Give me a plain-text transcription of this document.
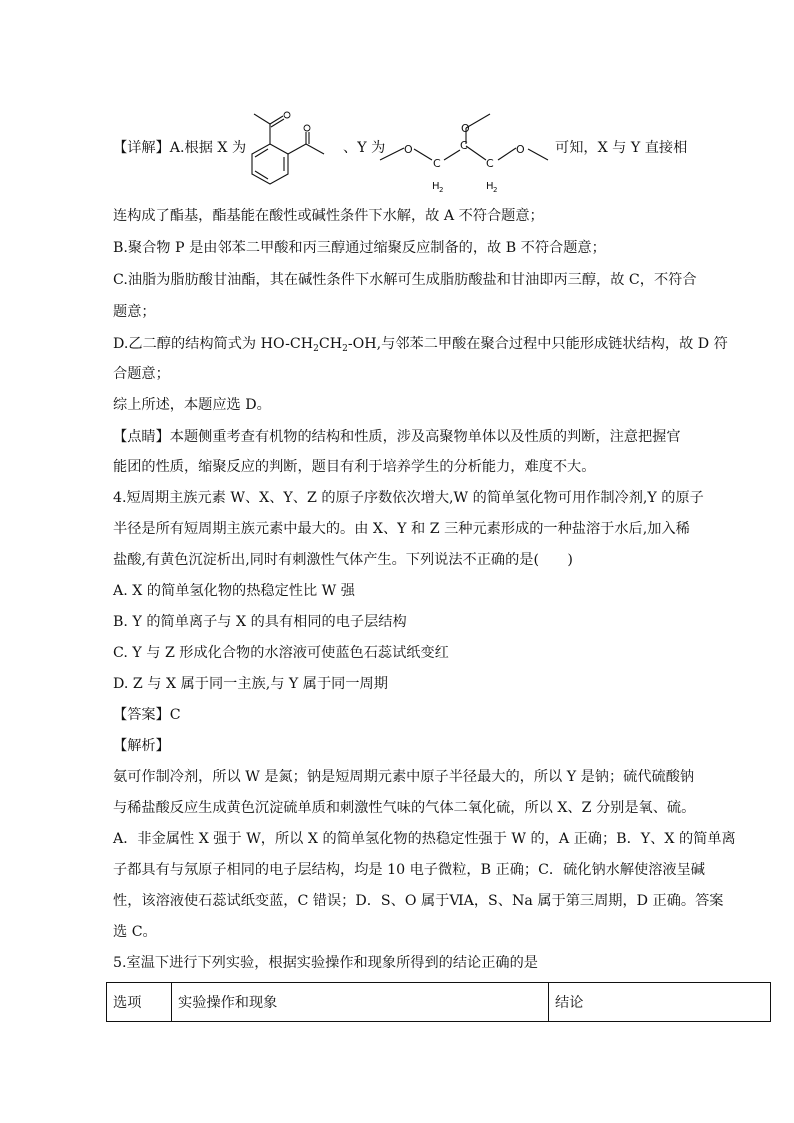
【详解】A.根据 X 为	、Y 为 O
C
C
O
C
O
H 2	H 2
可知，X 与 Y 直接相
连构成了酯基，酯基能在酸性或碱性条件下水解，故 A 不符合题意；
B.聚合物 P 是由邻苯二甲酸和丙三醇通过缩聚反应制备的，故 B 不符合题意；
C.油脂为脂肪酸甘油酯，其在碱性条件下水解可生成脂肪酸盐和甘油即丙三醇，故 C，不符合
题意；
D.乙二醇的结构简式为 $HO-CH_2CH_2-OH$,与邻苯二甲酸在聚合过程中只能形成链状结构，故 D 符
合题意；
综上所述，本题应选 D。
【点睛】本题侧重考查有机物的结构和性质，涉及高聚物单体以及性质的判断，注意把握官
能团的性质，缩聚反应的判断，题目有利于培养学生的分析能力，难度不大。
4.短周期主族元素 W、X、Y、Z 的原子序数依次增大,W 的简单氢化物可用作制冷剂,Y 的原子
半径是所有短周期主族元素中最大的。由 X、Y 和 Z 三种元素形成的一种盐溶于水后,加入稀
盐酸,有黄色沉淀析出,同时有刺激性气体产生。下列说法不正确的是(　　)
A. X 的简单氢化物的热稳定性比 W 强
B. Y 的简单离子与 X 的具有相同的电子层结构
C. Y 与 Z 形成化合物的水溶液可使蓝色石蕊试纸变红
D. Z 与 X 属于同一主族,与 Y 属于同一周期
【答案】C
【解析】
氨可作制冷剂，所以 W 是氮；钠是短周期元素中原子半径最大的，所以 Y 是钠；硫代硫酸钠
与稀盐酸反应生成黄色沉淀硫单质和刺激性气味的气体二氧化硫，所以 X、Z 分别是氧、硫。
A．非金属性 X 强于 W，所以 X 的简单氢化物的热稳定性强于 W 的，A 正确；B．Y、X 的简单离
子都具有与氖原子相同的电子层结构，均是 10 电子微粒，B 正确；C．硫化钠水解使溶液呈碱
性，该溶液使石蕊试纸变蓝，C 错误；D．S、O 属于ⅥA，S、Na 属于第三周期，D 正确。答案
选 C。
5.室温下进行下列实验，根据实验操作和现象所得到的结论正确的是
选项	实验操作和现象	结论
